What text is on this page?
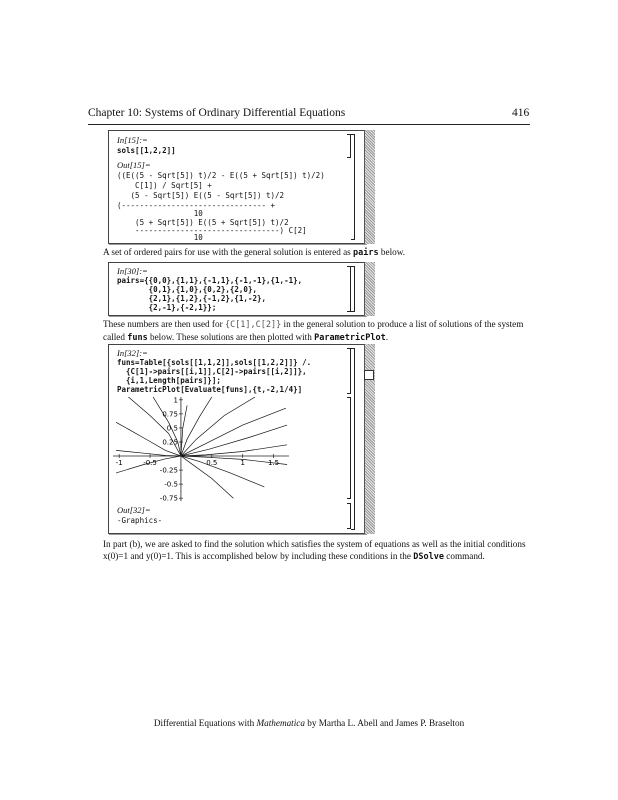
Chapter 10: Systems of Ordinary Differential Equations	416
In[15]:=
sols[[1,2,2]]
Out[15]=
((E((5 - Sqrt[5]) t)/2 - E((5 + Sqrt[5]) t)/2)
C[1]) / Sqrt[5] +
(5 - Sqrt[5]) E((5 - Sqrt[5]) t)/2
(-------------------------------- +
10
(5 + Sqrt[5]) E((5 + Sqrt[5]) t)/2
--------------------------------) C[2]
10
A set of ordered pairs for use with the general solution is entered as pairs below.
In[30]:=
pairs={{0,0},{1,1},{-1,1},{-1,-1},{1,-1},
{0,1},{1,0},{0,2},{2,0},
{2,1},{1,2},{-1,2},{1,-2},
{2,-1},{-2,1}};
These numbers are then used for {C[1],C[2]} in the general solution to produce a list of solutions of the system called funs below. These solutions are then plotted with ParametricPlot.
In[32]:=
funs=Table[{sols[[1,1,2]],sols[[1,2,2]]} /.
{C[1]->pairs[[i,1]],C[2]->pairs[[i,2]]},
{i,1,Length[pairs]}];
ParametricPlot[Evaluate[funs],{t,-2,1/4}]
-1	-0.5	0.5	1	1.5
-0.75
-0.5
-0.25
0.25
0.5
0.75
1
Out[32]=
-Graphics-
In part (b), we are asked to find the solution which satisfies the system of equations as well as the initial conditions x(0)=1 and y(0)=1. This is accomplished below by including these conditions in the DSolve command.
Differential Equations with Mathematica by Martha L. Abell and James P. Braselton
